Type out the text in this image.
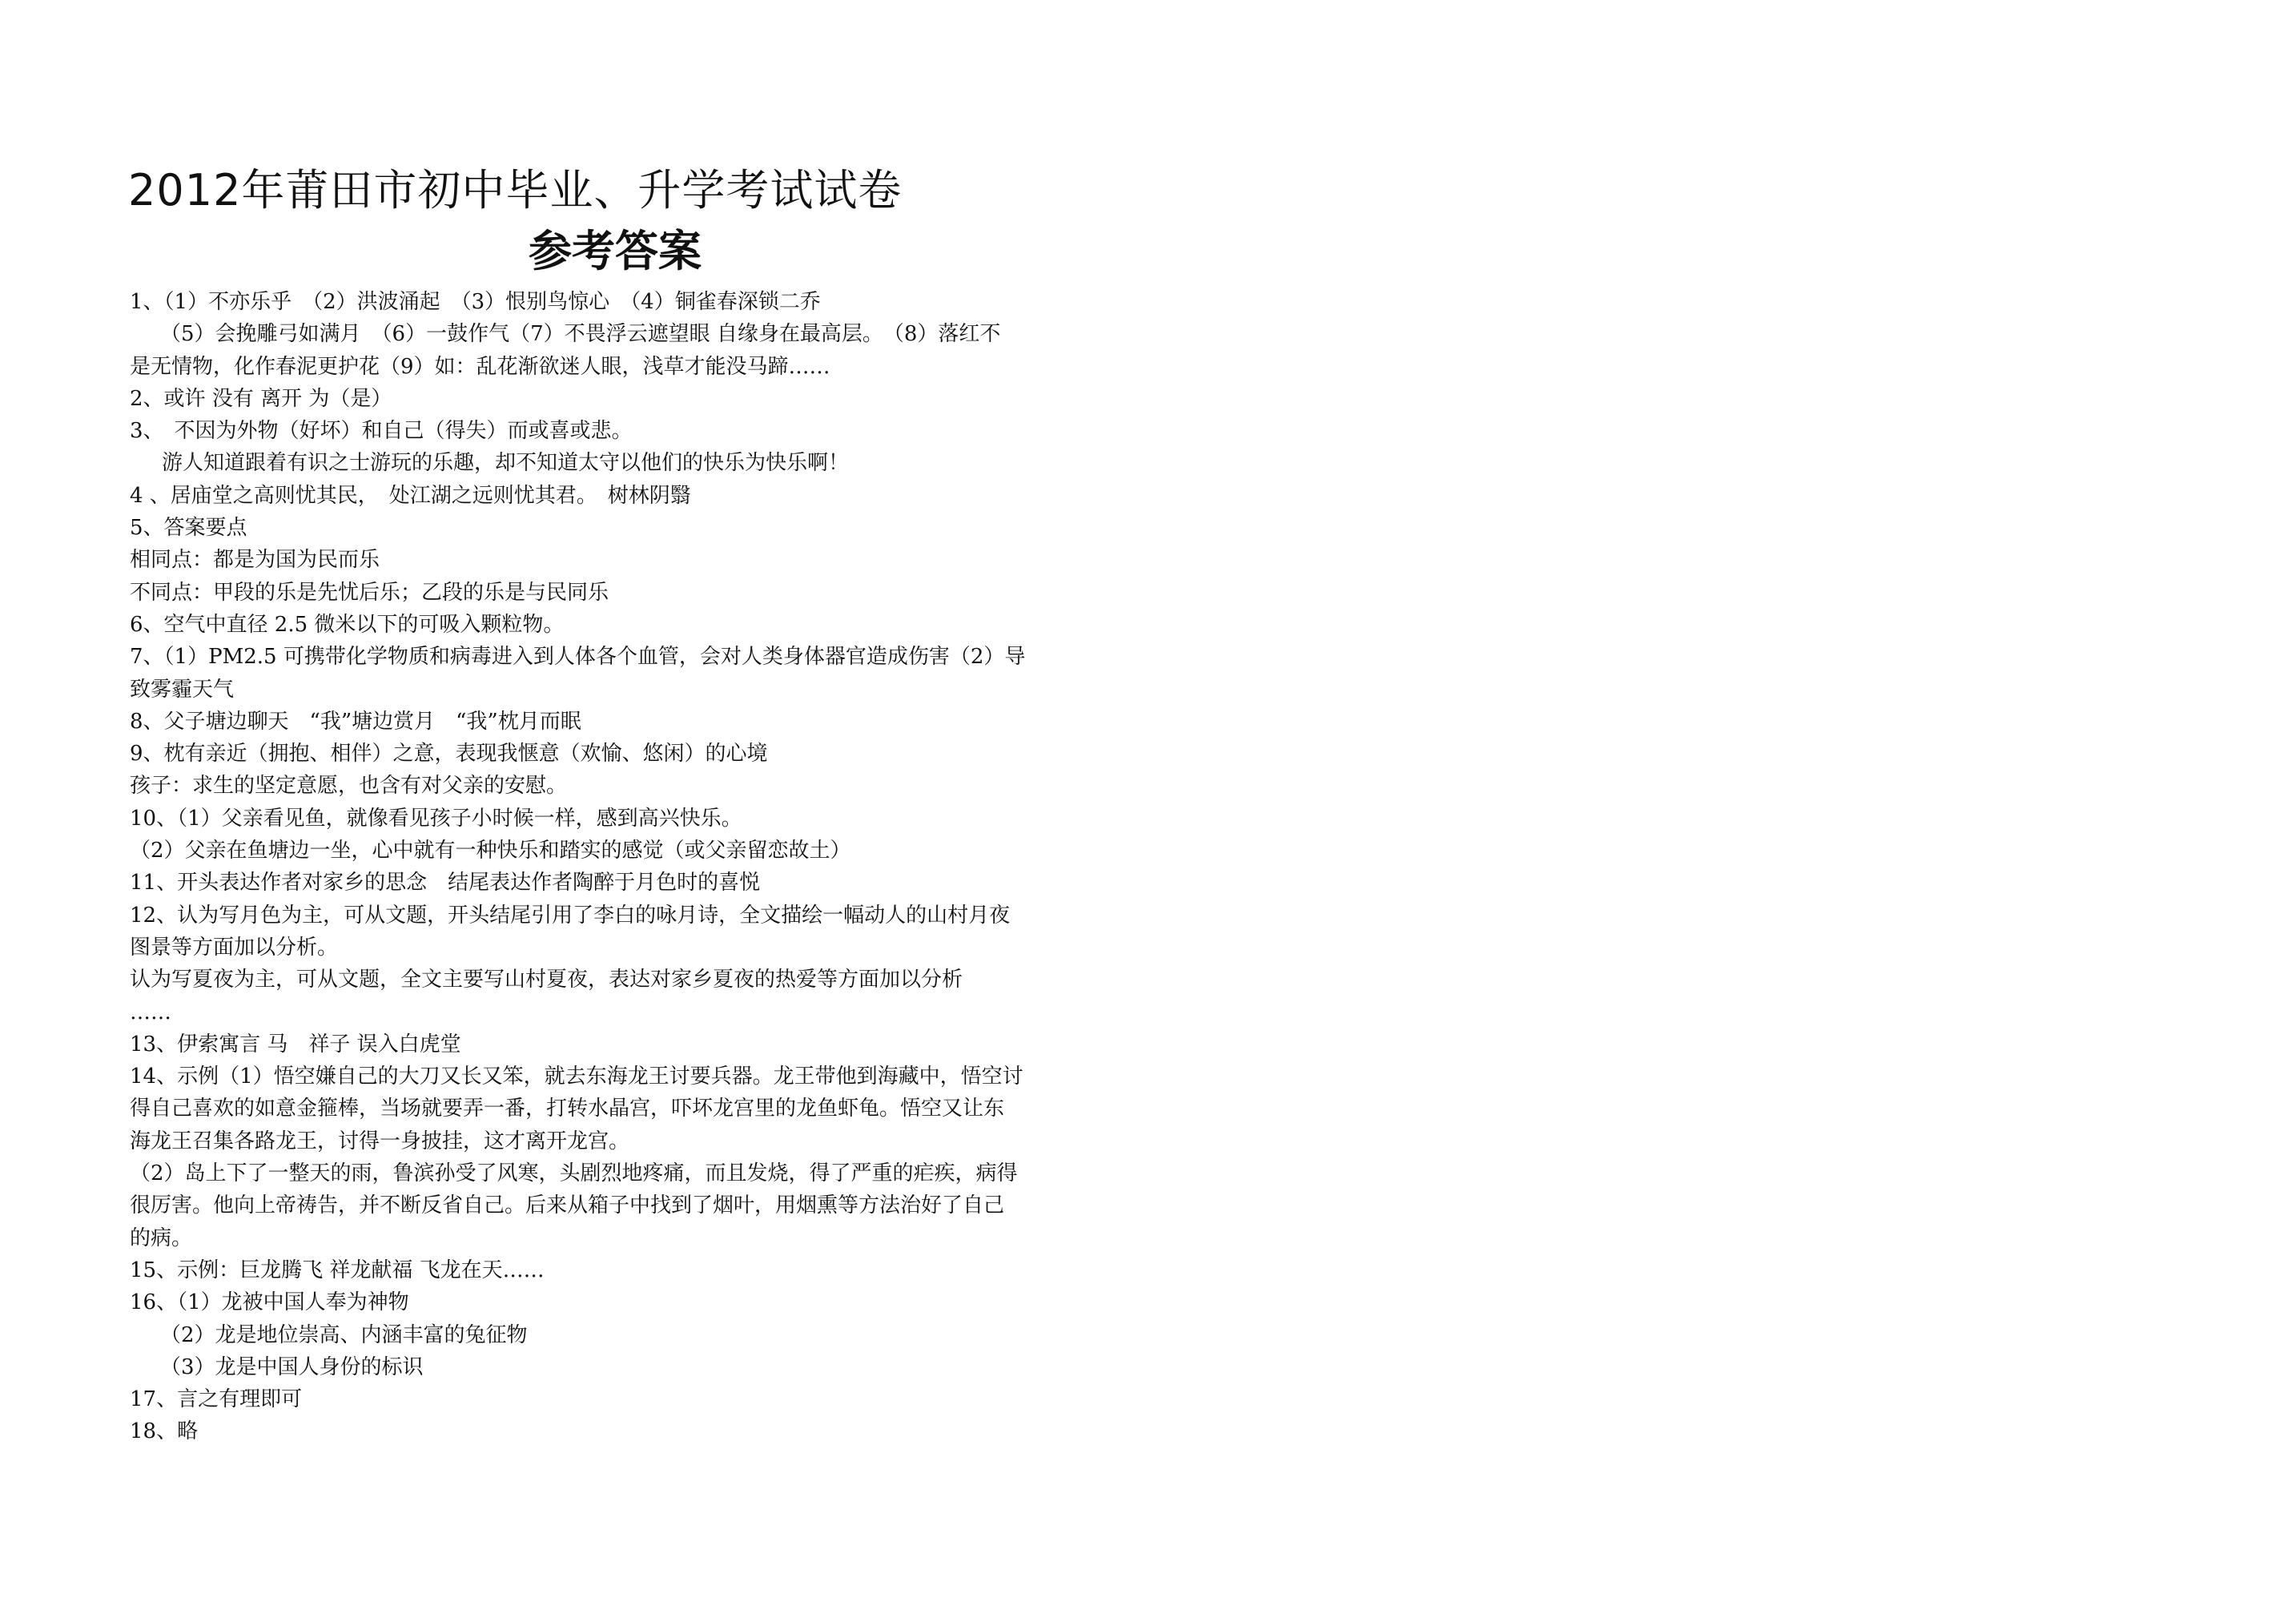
2012年莆田市初中毕业、升学考试试卷
参考答案

1、（1）不亦乐乎　（2）洪波涌起　（3）恨别鸟惊心　（4）铜雀春深锁二乔

（5）会挽雕弓如满月　（6）一鼓作气（7）不畏浮云遮望眼 自缘身在最高层。　（8）落红不

是无情物，化作春泥更护花（9）如：乱花渐欲迷人眼，浅草才能没马蹄……

2、或许 没有 离开 为（是）

3、　不因为外物（好坏）和自己（得失）而或喜或悲。

游人知道跟着有识之士游玩的乐趣，却不知道太守以他们的快乐为快乐啊！

4 、居庙堂之高则忧其民，　处江湖之远则忧其君。　树林阴翳

5、答案要点

相同点：都是为国为民而乐

不同点：甲段的乐是先忧后乐；乙段的乐是与民同乐

6、空气中直径 2.5 微米以下的可吸入颗粒物。

7、（1）PM2.5 可携带化学物质和病毒进入到人体各个血管，会对人类身体器官造成伤害（2）导

致雾霾天气

8、父子塘边聊天　“我”塘边赏月　“我”枕月而眠

9、枕有亲近（拥抱、相伴）之意，表现我惬意（欢愉、悠闲）的心境

孩子：求生的坚定意愿，也含有对父亲的安慰。

10、（1）父亲看见鱼，就像看见孩子小时候一样，感到高兴快乐。

（2）父亲在鱼塘边一坐，心中就有一种快乐和踏实的感觉（或父亲留恋故土）

11、开头表达作者对家乡的思念　结尾表达作者陶醉于月色时的喜悦

12、认为写月色为主，可从文题，开头结尾引用了李白的咏月诗，全文描绘一幅动人的山村月夜

图景等方面加以分析。

认为写夏夜为主，可从文题，全文主要写山村夏夜，表达对家乡夏夜的热爱等方面加以分析

……

13、伊索寓言 马　祥子 误入白虎堂

14、示例（1）悟空嫌自己的大刀又长又笨，就去东海龙王讨要兵器。龙王带他到海藏中，悟空讨

得自己喜欢的如意金箍棒，当场就要弄一番，打转水晶宫，吓坏龙宫里的龙鱼虾龟。悟空又让东

海龙王召集各路龙王，讨得一身披挂，这才离开龙宫。

（2）岛上下了一整天的雨，鲁滨孙受了风寒，头剧烈地疼痛，而且发烧，得了严重的疟疾，病得

很厉害。他向上帝祷告，并不断反省自己。后来从箱子中找到了烟叶，用烟熏等方法治好了自己

的病。

15、示例：巨龙腾飞 祥龙献福 飞龙在天……

16、（1）龙被中国人奉为神物

（2）龙是地位崇高、内涵丰富的兔征物

（3）龙是中国人身份的标识

17、言之有理即可

18、略
